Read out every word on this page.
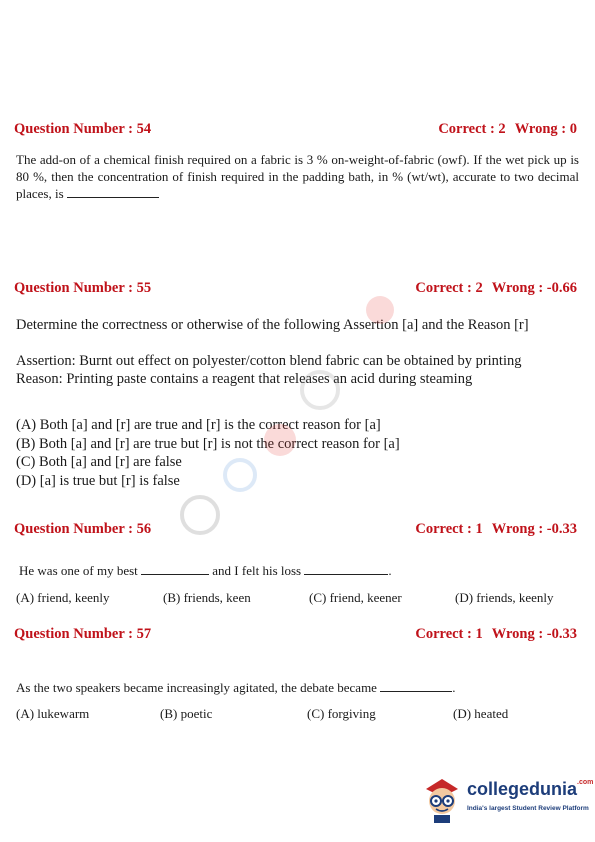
Question Number : 54	Correct : 2 Wrong : 0
The add-on of a chemical finish required on a fabric is 3 % on-weight-of-fabric (owf). If the wet pick up is 80 %, then the concentration of finish required in the padding bath, in % (wt/wt), accurate to two decimal places, is
Question Number : 55	Correct : 2 Wrong : -0.66
Determine the correctness or otherwise of the following Assertion [a] and the Reason [r]
Assertion: Burnt out effect on polyester/cotton blend fabric can be obtained by printing
Reason: Printing paste contains a reagent that releases an acid during steaming
(A) Both [a] and [r] are true and [r] is the correct reason for [a]
(B) Both [a] and [r] are true but [r] is not the correct reason for [a]
(C) Both [a] and [r] are false
(D) [a] is true but [r] is false
Question Number : 56	Correct : 1 Wrong : -0.33
He was one of my best	and I felt his loss	.
(A) friend, keenly	(B) friends, keen	(C) friend, keener	(D) friends, keenly
Question Number : 57	Correct : 1 Wrong : -0.33
As the two speakers became increasingly agitated, the debate became	.
(A) lukewarm	(B) poetic	(C) forgiving	(D) heated
collegedunia$^{.com}$
India's largest Student Review Platform
